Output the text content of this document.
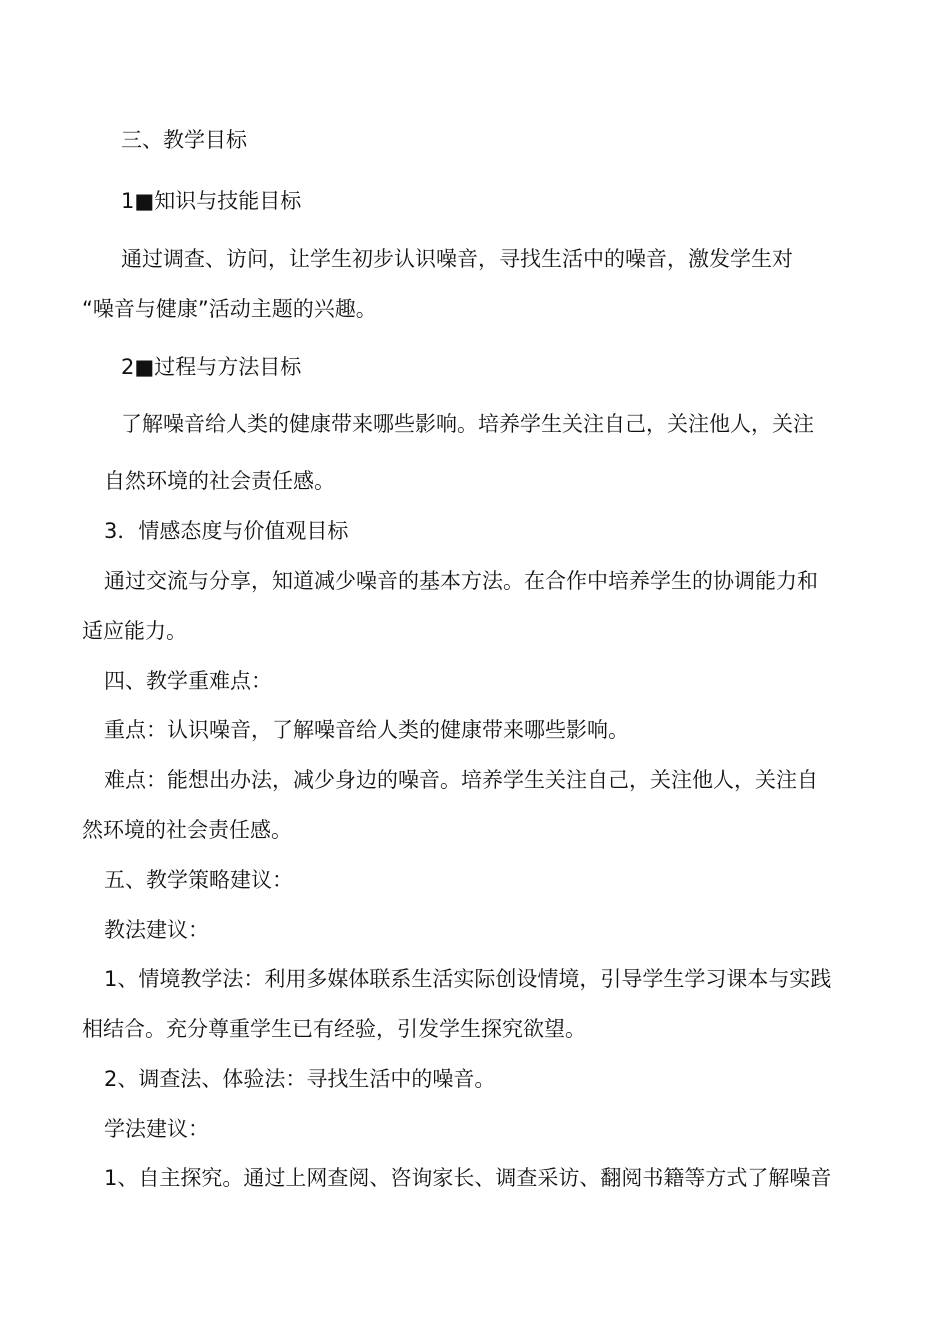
三、教学目标
1■知识与技能目标
通过调查、访问，让学生初步认识噪音，寻找生活中的噪音，激发学生对
“噪音与健康”活动主题的兴趣。
2■过程与方法目标
了解噪音给人类的健康带来哪些影响。培养学生关注自己，关注他人，关注
自然环境的社会责任感。
3．情感态度与价值观目标
通过交流与分享，知道减少噪音的基本方法。在合作中培养学生的协调能力和
适应能力。
四、教学重难点：
重点：认识噪音，了解噪音给人类的健康带来哪些影响。
难点：能想出办法，减少身边的噪音。培养学生关注自己，关注他人，关注自
然环境的社会责任感。
五、教学策略建议：
教法建议：
1、情境教学法：利用多媒体联系生活实际创设情境，引导学生学习课本与实践
相结合。充分尊重学生已有经验，引发学生探究欲望。
2、调查法、体验法：寻找生活中的噪音。
学法建议：
1、自主探究。通过上网查阅、咨询家长、调查采访、翻阅书籍等方式了解噪音
